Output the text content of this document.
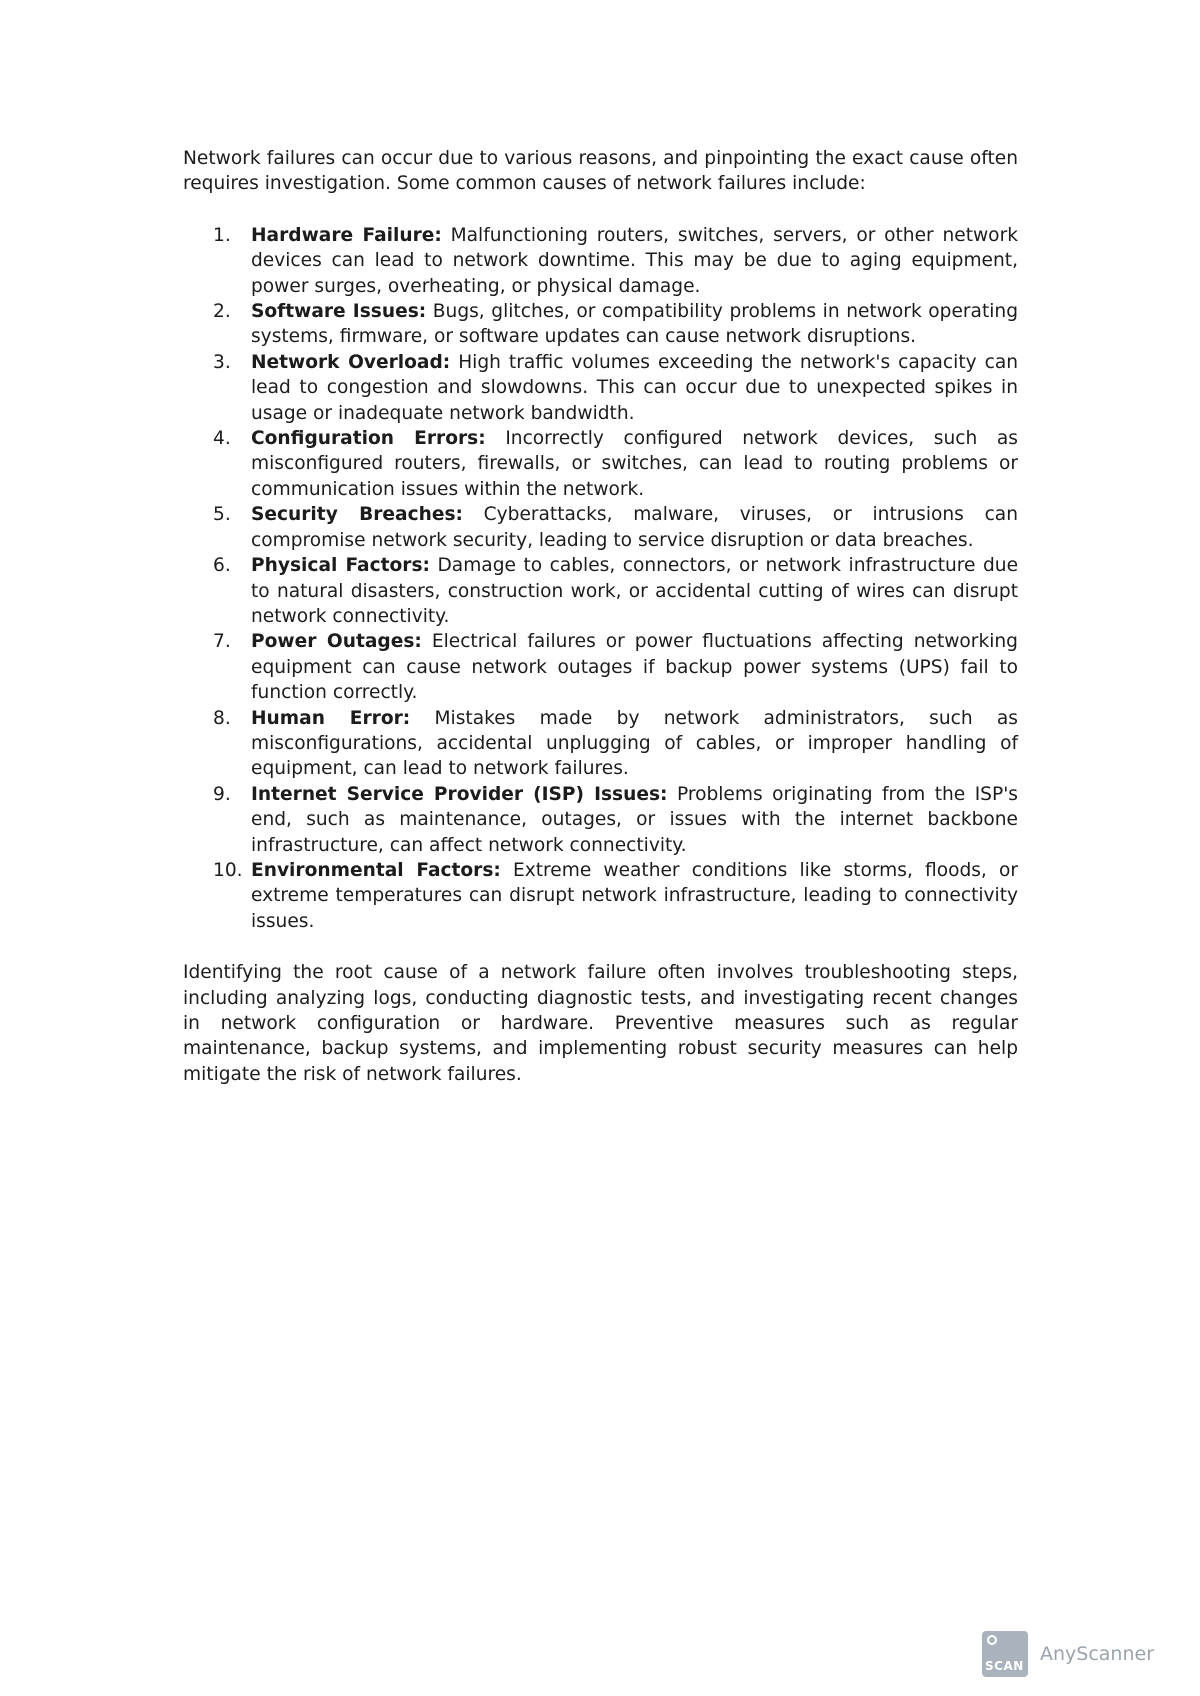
Network failures can occur due to various reasons, and pinpointing the exact cause often requires investigation. Some common causes of network failures include:

1.	Hardware Failure: Malfunctioning routers, switches, servers, or other network devices can lead to network downtime. This may be due to aging equipment, power surges, overheating, or physical damage.
2.	Software Issues: Bugs, glitches, or compatibility problems in network operating systems, firmware, or software updates can cause network disruptions.
3.	Network Overload: High traffic volumes exceeding the network's capacity can lead to congestion and slowdowns. This can occur due to unexpected spikes in usage or inadequate network bandwidth.
4.	Configuration Errors: Incorrectly configured network devices, such as misconfigured routers, firewalls, or switches, can lead to routing problems or communication issues within the network.
5.	Security Breaches: Cyberattacks, malware, viruses, or intrusions can compromise network security, leading to service disruption or data breaches.
6.	Physical Factors: Damage to cables, connectors, or network infrastructure due to natural disasters, construction work, or accidental cutting of wires can disrupt network connectivity.
7.	Power Outages: Electrical failures or power fluctuations affecting networking equipment can cause network outages if backup power systems (UPS) fail to function correctly.
8.	Human Error: Mistakes made by network administrators, such as misconfigurations, accidental unplugging of cables, or improper handling of equipment, can lead to network failures.
9.	Internet Service Provider (ISP) Issues: Problems originating from the ISP's end, such as maintenance, outages, or issues with the internet backbone infrastructure, can affect network connectivity.
10. Environmental Factors: Extreme weather conditions like storms, floods, or extreme temperatures can disrupt network infrastructure, leading to connectivity issues.

Identifying the root cause of a network failure often involves troubleshooting steps, including analyzing logs, conducting diagnostic tests, and investigating recent changes in network configuration or hardware. Preventive measures such as regular maintenance, backup systems, and implementing robust security measures can help mitigate the risk of network failures.

SCAN
AnyScanner
